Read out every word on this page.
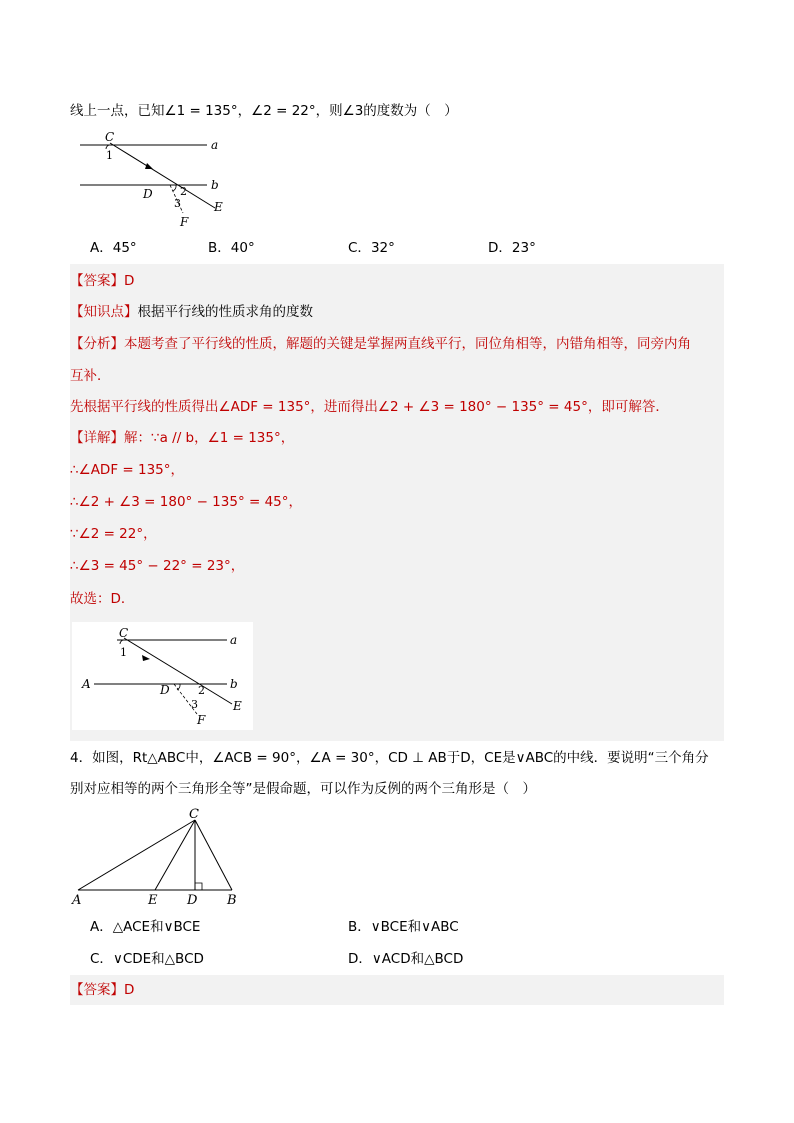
线上一点，已知∠1 = 135°，∠2 = 22°，则∠3的度数为（　）
C
1
a
b
D 2
3	E
F
A．45°	B．40°	C．32°	D．23°
【答案】D
【知识点】根据平行线的性质求角的度数
【分析】本题考查了平行线的性质，解题的关键是掌握两直线平行，同位角相等，内错角相等，同旁内角
互补．
先根据平行线的性质得出∠ADF = 135°，进而得出∠2 + ∠3 = 180° − 135° = 45°，即可解答．
【详解】解：∵a // b，∠1 = 135°，
∴∠ADF = 135°，
∴∠2 + ∠3 = 180° − 135° = 45°，
∵∠2 = 22°，
∴∠3 = 45° − 22° = 23°，
故选：D．
C
1
a
A	b
D	2
3	E
F
4．如图，Rt△ABC中，∠ACB = 90°，∠A = 30°，CD ⊥ AB于D，CE是∨ABC的中线．要说明“三个角分
别对应相等的两个三角形全等”是假命题，可以作为反例的两个三角形是（　）
C
A	E D B
A．△ACE和∨BCE	B．∨BCE和∨ABC
C．∨CDE和△BCD	D．∨ACD和△BCD
【答案】D
